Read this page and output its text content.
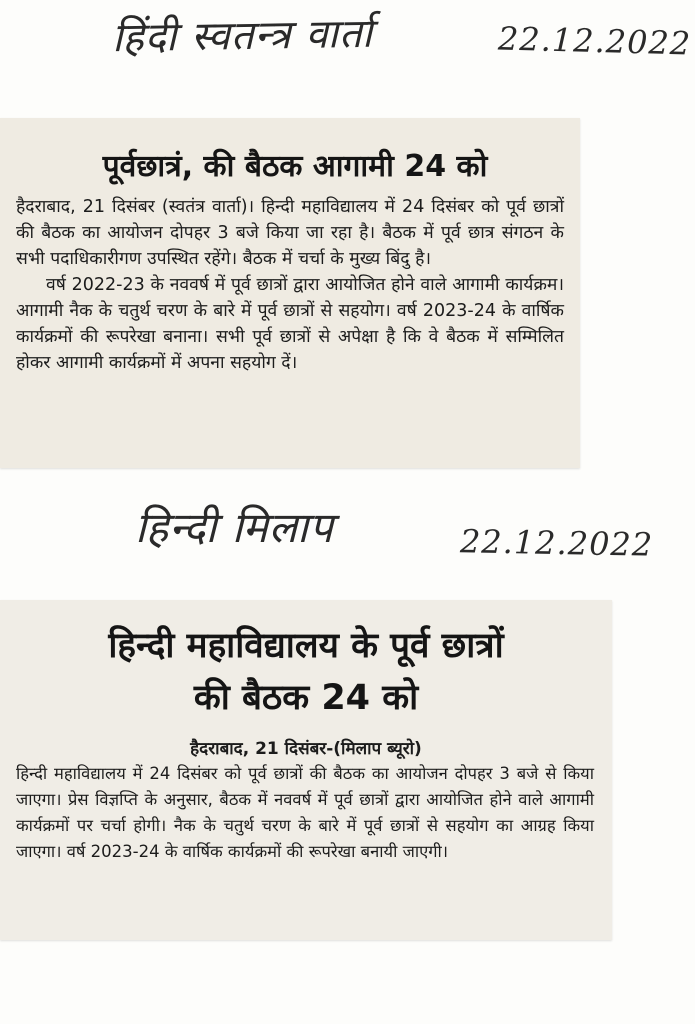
हिंदी स्वतन्त्र वार्ता	22.12.2022
पूर्वछात्रं, की बैठक आगामी 24 को

हैदराबाद, 21 दिसंबर (स्वतंत्र वार्ता)। हिन्दी महाविद्यालय में 24 दिसंबर को पूर्व छात्रों की बैठक का आयोजन दोपहर 3 बजे किया जा रहा है। बैठक में पूर्व छात्र संगठन के सभी पदाधिकारीगण उपस्थित रहेंगे। बैठक में चर्चा के मुख्य बिंदु है।

वर्ष 2022-23 के नववर्ष में पूर्व छात्रों द्वारा आयोजित होने वाले आगामी कार्यक्रम। आगामी नैक के चतुर्थ चरण के बारे में पूर्व छात्रों से सहयोग। वर्ष 2023-24 के वार्षिक कार्यक्रमों की रूपरेखा बनाना। सभी पूर्व छात्रों से अपेक्षा है कि वे बैठक में सम्मिलित होकर आगामी कार्यक्रमों में अपना सहयोग दें।

हिन्दी मिलाप	22.12.2022
हिन्दी महाविद्यालय के पूर्व छात्रों
की बैठक 24 को
हैदराबाद, 21 दिसंबर-(मिलाप ब्यूरो)

हिन्दी महाविद्यालय में 24 दिसंबर को पूर्व छात्रों की बैठक का आयोजन दोपहर 3 बजे से किया जाएगा। प्रेस विज्ञप्ति के अनुसार, बैठक में नववर्ष में पूर्व छात्रों द्वारा आयोजित होने वाले आगामी कार्यक्रमों पर चर्चा होगी। नैक के चतुर्थ चरण के बारे में पूर्व छात्रों से सहयोग का आग्रह किया जाएगा। वर्ष 2023-24 के वार्षिक कार्यक्रमों की रूपरेखा बनायी जाएगी।
